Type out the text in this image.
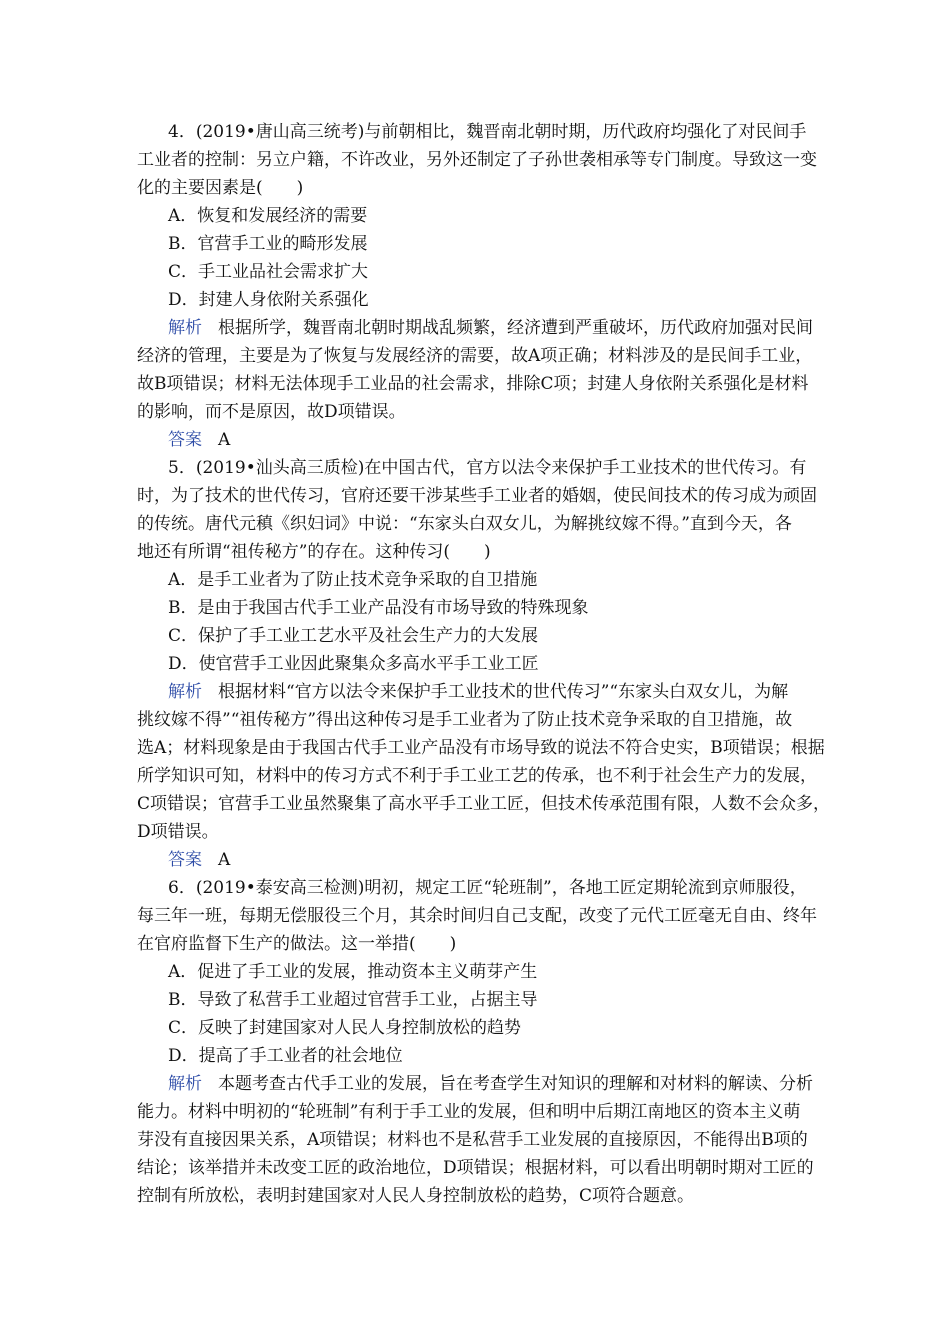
4．(2019•唐山高三统考)与前朝相比，魏晋南北朝时期，历代政府均强化了对民间手
工业者的控制：另立户籍，不许改业，另外还制定了子孙世袭相承等专门制度。导致这一变
化的主要因素是(　　)
A．恢复和发展经济的需要
B．官营手工业的畸形发展
C．手工业品社会需求扩大
D．封建人身依附关系强化
解析 根据所学，魏晋南北朝时期战乱频繁，经济遭到严重破坏，历代政府加强对民间
经济的管理，主要是为了恢复与发展经济的需要，故A项正确；材料涉及的是民间手工业，
故B项错误；材料无法体现手工业品的社会需求，排除C项；封建人身依附关系强化是材料
的影响，而不是原因，故D项错误。
答案 A
5．(2019•汕头高三质检)在中国古代，官方以法令来保护手工业技术的世代传习。有
时，为了技术的世代传习，官府还要干涉某些手工业者的婚姻，使民间技术的传习成为顽固
的传统。唐代元稹《织妇词》中说：“东家头白双女儿，为解挑纹嫁不得。”直到今天，各
地还有所谓“祖传秘方”的存在。这种传习(　　)
A．是手工业者为了防止技术竞争采取的自卫措施
B．是由于我国古代手工业产品没有市场导致的特殊现象
C．保护了手工业工艺水平及社会生产力的大发展
D．使官营手工业因此聚集众多高水平手工业工匠
解析 根据材料“官方以法令来保护手工业技术的世代传习”“东家头白双女儿，为解
挑纹嫁不得”“祖传秘方”得出这种传习是手工业者为了防止技术竞争采取的自卫措施，故
选A；材料现象是由于我国古代手工业产品没有市场导致的说法不符合史实，B项错误；根据
所学知识可知，材料中的传习方式不利于手工业工艺的传承，也不利于社会生产力的发展，
C项错误；官营手工业虽然聚集了高水平手工业工匠，但技术传承范围有限，人数不会众多，
D项错误。
答案 A
6．(2019•泰安高三检测)明初，规定工匠“轮班制”，各地工匠定期轮流到京师服役，
每三年一班，每期无偿服役三个月，其余时间归自己支配，改变了元代工匠毫无自由、终年
在官府监督下生产的做法。这一举措(　　)
A．促进了手工业的发展，推动资本主义萌芽产生
B．导致了私营手工业超过官营手工业，占据主导
C．反映了封建国家对人民人身控制放松的趋势
D．提高了手工业者的社会地位
解析 本题考查古代手工业的发展，旨在考查学生对知识的理解和对材料的解读、分析
能力。材料中明初的“轮班制”有利于手工业的发展，但和明中后期江南地区的资本主义萌
芽没有直接因果关系，A项错误；材料也不是私营手工业发展的直接原因，不能得出B项的
结论；该举措并未改变工匠的政治地位，D项错误；根据材料，可以看出明朝时期对工匠的
控制有所放松，表明封建国家对人民人身控制放松的趋势，C项符合题意。
